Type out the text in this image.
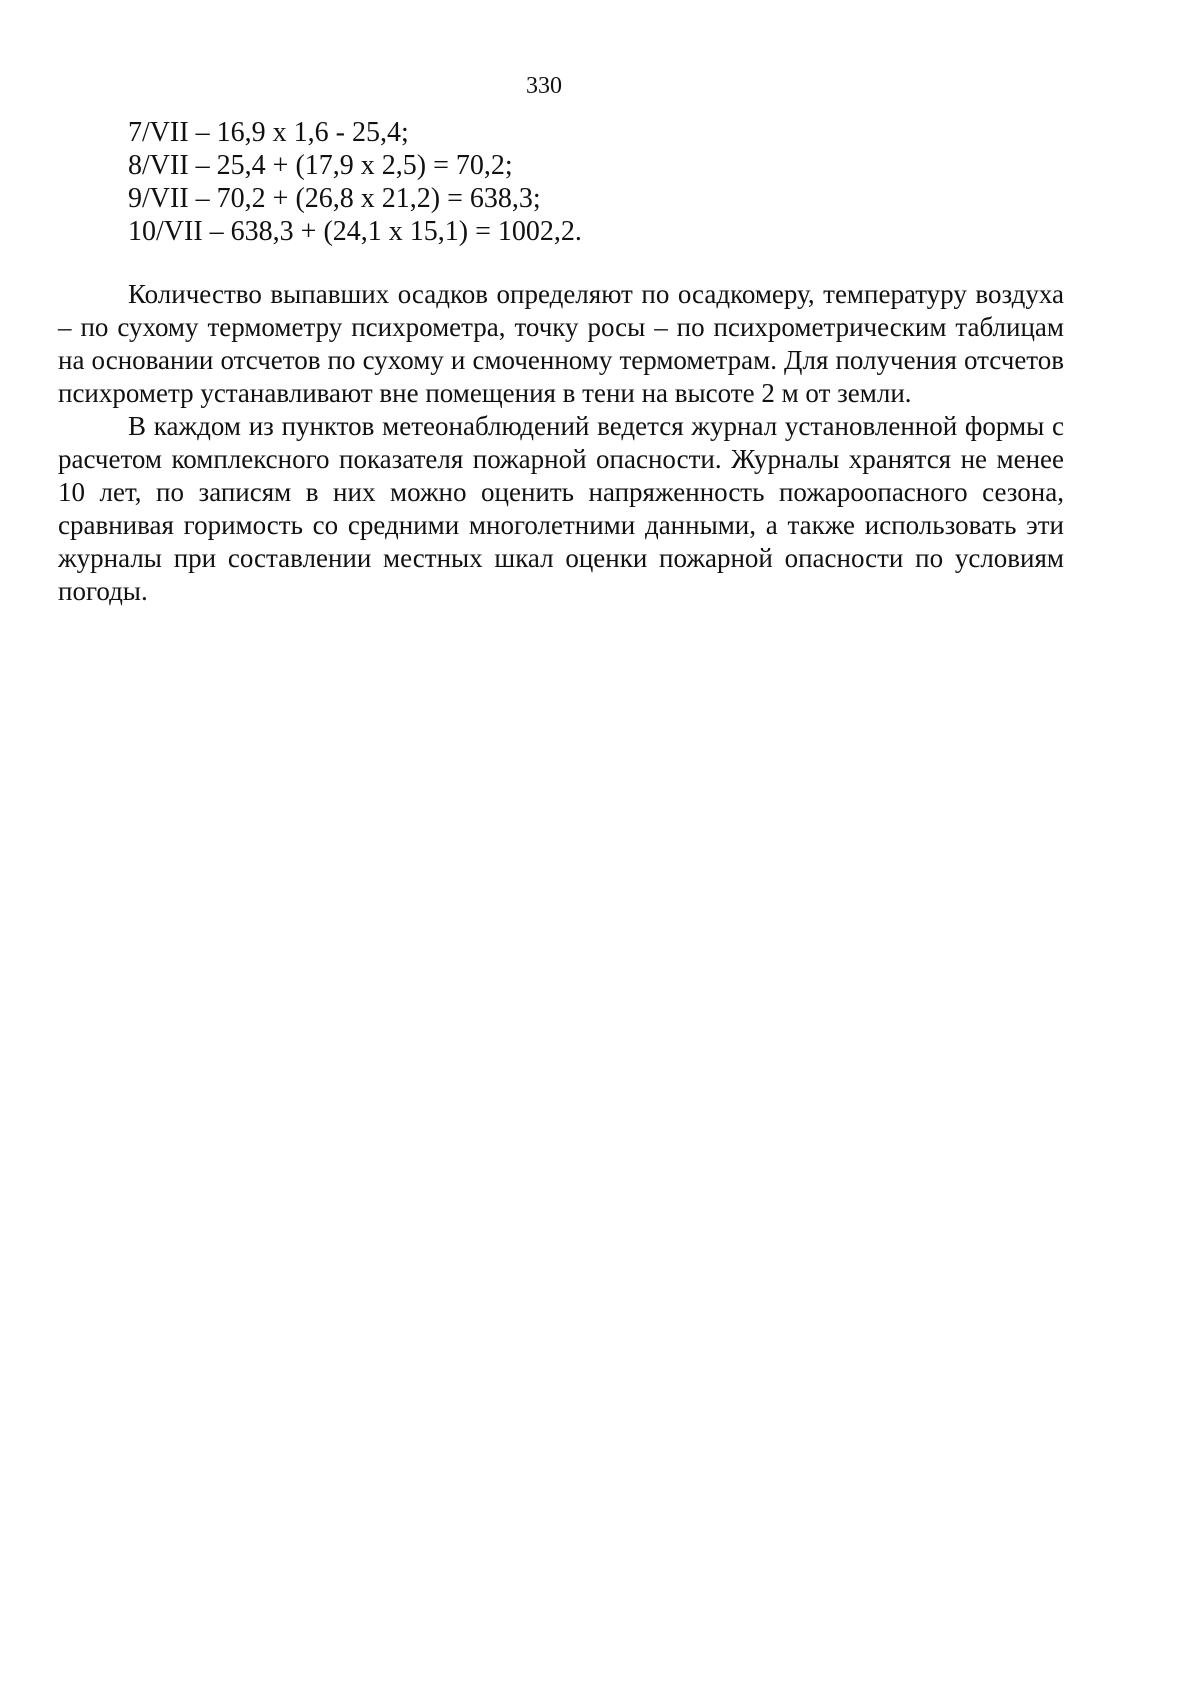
330
7/VII – 16,9 х 1,6 - 25,4;
8/VII – 25,4 + (17,9 х 2,5) = 70,2;
9/VII – 70,2 + (26,8 х 21,2) = 638,3;
10/VII – 638,3 + (24,1 х 15,1) = 1002,2.

Количество выпавших осадков определяют по осадкомеру, температуру воздуха – по сухому термометру психрометра, точку росы – по психрометрическим таблицам на основании отсчетов по сухому и смоченному термометрам. Для получения отсчетов психрометр устанавливают вне помещения в тени на высоте 2 м от земли.

В каждом из пунктов метеонаблюдений ведется журнал установленной формы с расчетом комплексного показателя пожарной опасности. Журналы хранятся не менее 10 лет, по записям в них можно оценить напряженность пожароопасного сезона, сравнивая горимость со средними многолетними данными, а также использовать эти журналы при составлении местных шкал оценки пожарной опасности по условиям погоды.
